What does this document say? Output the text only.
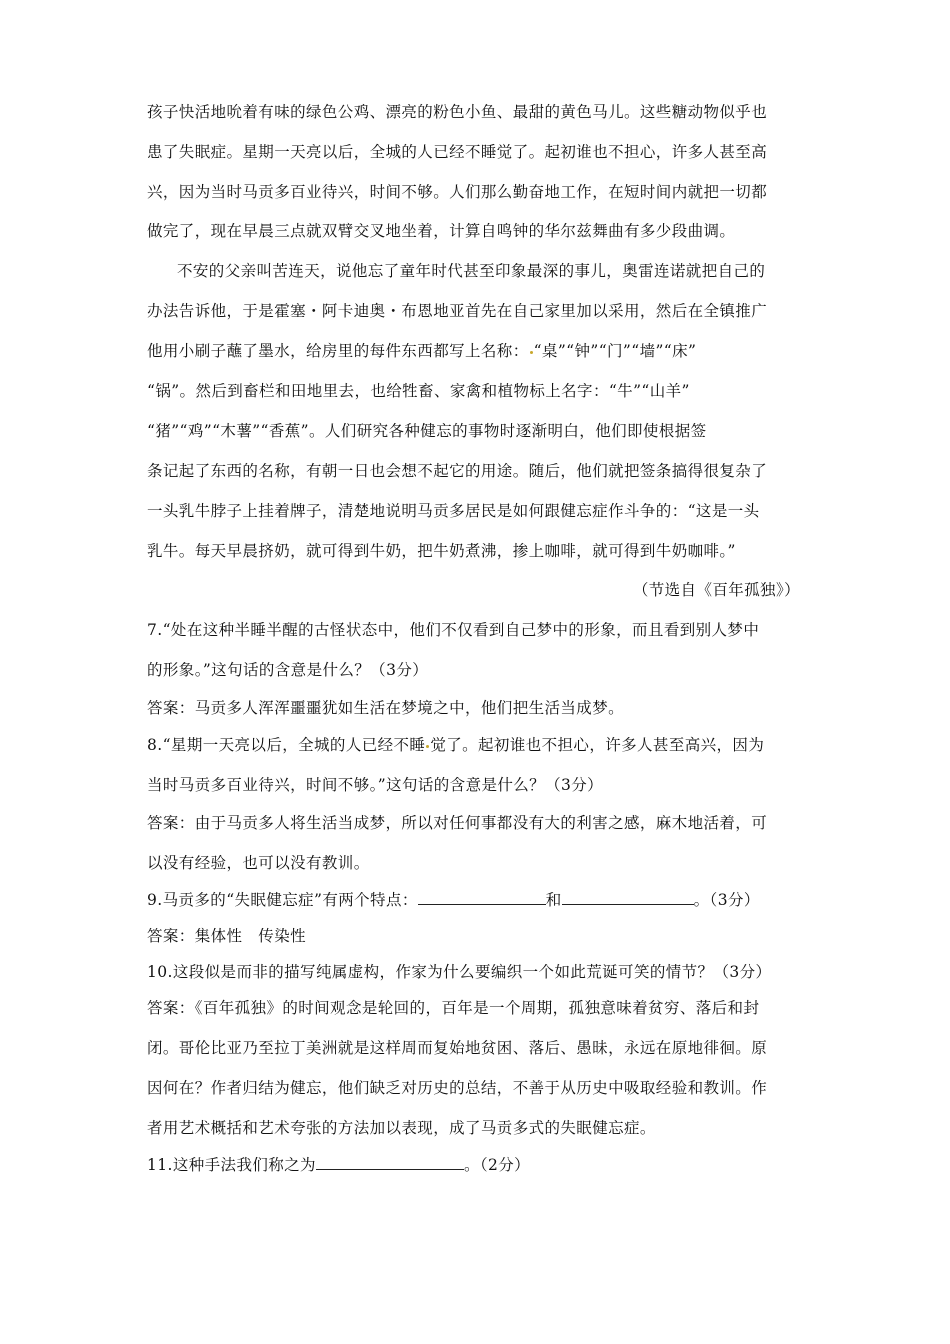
孩子快活地吮着有味的绿色公鸡、漂亮的粉色小鱼、最甜的黄色马儿。这些糖动物似乎也
患了失眠症。星期一天亮以后，全城的人已经不睡觉了。起初谁也不担心，许多人甚至高
兴，因为当时马贡多百业待兴，时间不够。人们那么勤奋地工作，在短时间内就把一切都
做完了，现在早晨三点就双臂交叉地坐着，计算自鸣钟的华尔兹舞曲有多少段曲调。
不安的父亲叫苦连天，说他忘了童年时代甚至印象最深的事儿，奥雷连诺就把自己的
办法告诉他，于是霍塞・阿卡迪奥・布恩地亚首先在自己家里加以采用，然后在全镇推广
他用小刷子蘸了墨水，给房里的每件东西都写上名称： “桌”“钟”“门”“墙”“床”
“锅”。然后到畜栏和田地里去，也给牲畜、家禽和植物标上名字：“牛”“山羊”
“猪”“鸡”“木薯”“香蕉”。人们研究各种健忘的事物时逐渐明白，他们即使根据签
条记起了东西的名称，有朝一日也会想不起它的用途。随后，他们就把签条搞得很复杂了
一头乳牛脖子上挂着牌子，清楚地说明马贡多居民是如何跟健忘症作斗争的：“这是一头
乳牛。每天早晨挤奶，就可得到牛奶，把牛奶煮沸，掺上咖啡，就可得到牛奶咖啡。”
（节选自《百年孤独》）
7.“处在这种半睡半醒的古怪状态中，他们不仅看到自己梦中的形象，而且看到别人梦中
的形象。”这句话的含意是什么？（3分）
答案：马贡多人浑浑噩噩犹如生活在梦境之中，他们把生活当成梦。
8.“星期一天亮以后，全城的人已经不睡 觉了。起初谁也不担心，许多人甚至高兴，因为
当时马贡多百业待兴，时间不够。”这句话的含意是什么？（3分）
答案：由于马贡多人将生活当成梦，所以对任何事都没有大的利害之感，麻木地活着，可
以没有经验，也可以没有教训。
9.马贡多的“失眠健忘症”有两个特点：	和	。（3分）
答案：集体性　传染性
10.这段似是而非的描写纯属虚构，作家为什么要编织一个如此荒诞可笑的情节？（3分）
答案：《百年孤独》的时间观念是轮回的，百年是一个周期，孤独意味着贫穷、落后和封
闭。哥伦比亚乃至拉丁美洲就是这样周而复始地贫困、落后、愚昧，永远在原地徘徊。原
因何在？作者归结为健忘，他们缺乏对历史的总结，不善于从历史中吸取经验和教训。作
者用艺术概括和艺术夸张的方法加以表现，成了马贡多式的失眠健忘症。
11.这种手法我们称之为	。（2分）
